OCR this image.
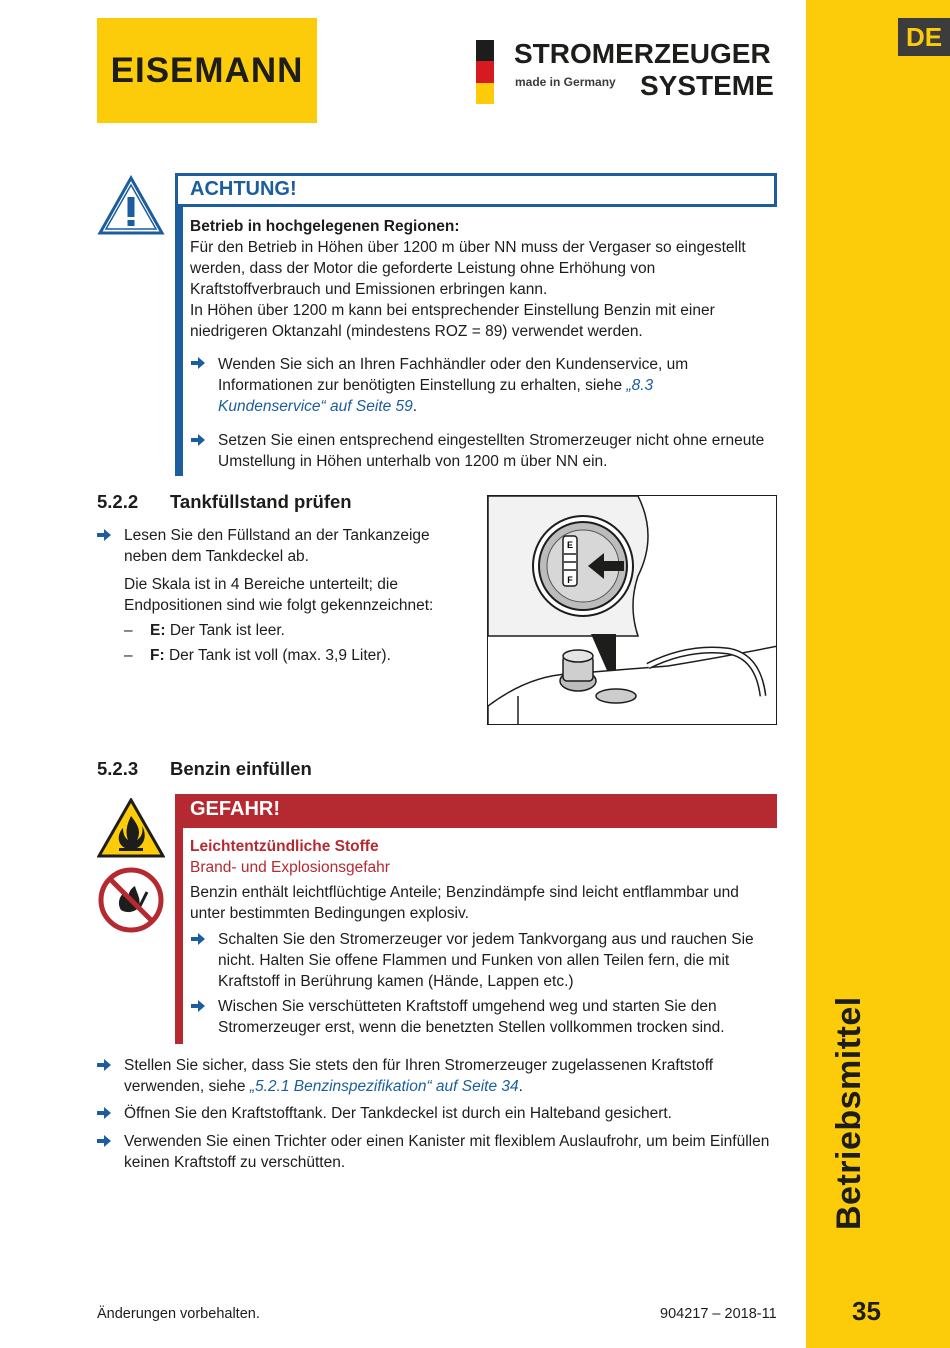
DE
Betriebsmittel
35
EISEMANN	STROMERZEUGER
made in Germany SYSTEME
ACHTUNG!
Betrieb in hochgelegenen Regionen:
Für den Betrieb in Höhen über 1200 m über NN muss der Vergaser so eingestellt werden, dass der Motor die geforderte Leistung ohne Erhöhung von Kraftstoffverbrauch und Emissionen erbringen kann.
In Höhen über 1200 m kann bei entsprechender Einstellung Benzin mit einer niedrigeren Oktanzahl (mindestens ROZ = 89) verwendet werden.
Wenden Sie sich an Ihren Fachhändler oder den Kundenservice, um Informationen zur benötigten Einstellung zu erhalten, siehe „8.3 Kundenservice“ auf Seite 59.
Setzen Sie einen entsprechend eingestellten Stromerzeuger nicht ohne erneute Umstellung in Höhen unterhalb von 1200 m über NN ein.
5.2.2 Tankfüllstand prüfen
Lesen Sie den Füllstand an der Tankanzeige neben dem Tankdeckel ab.
Die Skala ist in 4 Bereiche unterteilt; die Endpositionen sind wie folgt gekennzeichnet:
– E: Der Tank ist leer.
– F: Der Tank ist voll (max. 3,9 Liter).
E
F
5.2.3 Benzin einfüllen
GEFAHR!
Leichtentzündliche Stoffe
Brand- und Explosionsgefahr
Benzin enthält leichtflüchtige Anteile; Benzindämpfe sind leicht entflammbar und unter bestimmten Bedingungen explosiv.
Schalten Sie den Stromerzeuger vor jedem Tankvorgang aus und rauchen Sie nicht. Halten Sie offene Flammen und Funken von allen Teilen fern, die mit Kraftstoff in Berührung kamen (Hände, Lappen etc.)
Wischen Sie verschütteten Kraftstoff umgehend weg und starten Sie den Stromerzeuger erst, wenn die benetzten Stellen vollkommen trocken sind.
Stellen Sie sicher, dass Sie stets den für Ihren Stromerzeuger zugelassenen Kraftstoff verwenden, siehe „5.2.1 Benzinspezifikation“ auf Seite 34.
Öffnen Sie den Kraftstofftank. Der Tankdeckel ist durch ein Halteband gesichert.
Verwenden Sie einen Trichter oder einen Kanister mit flexiblem Auslaufrohr, um beim Einfüllen keinen Kraftstoff zu verschütten.
Änderungen vorbehalten.	904217 – 2018-11
